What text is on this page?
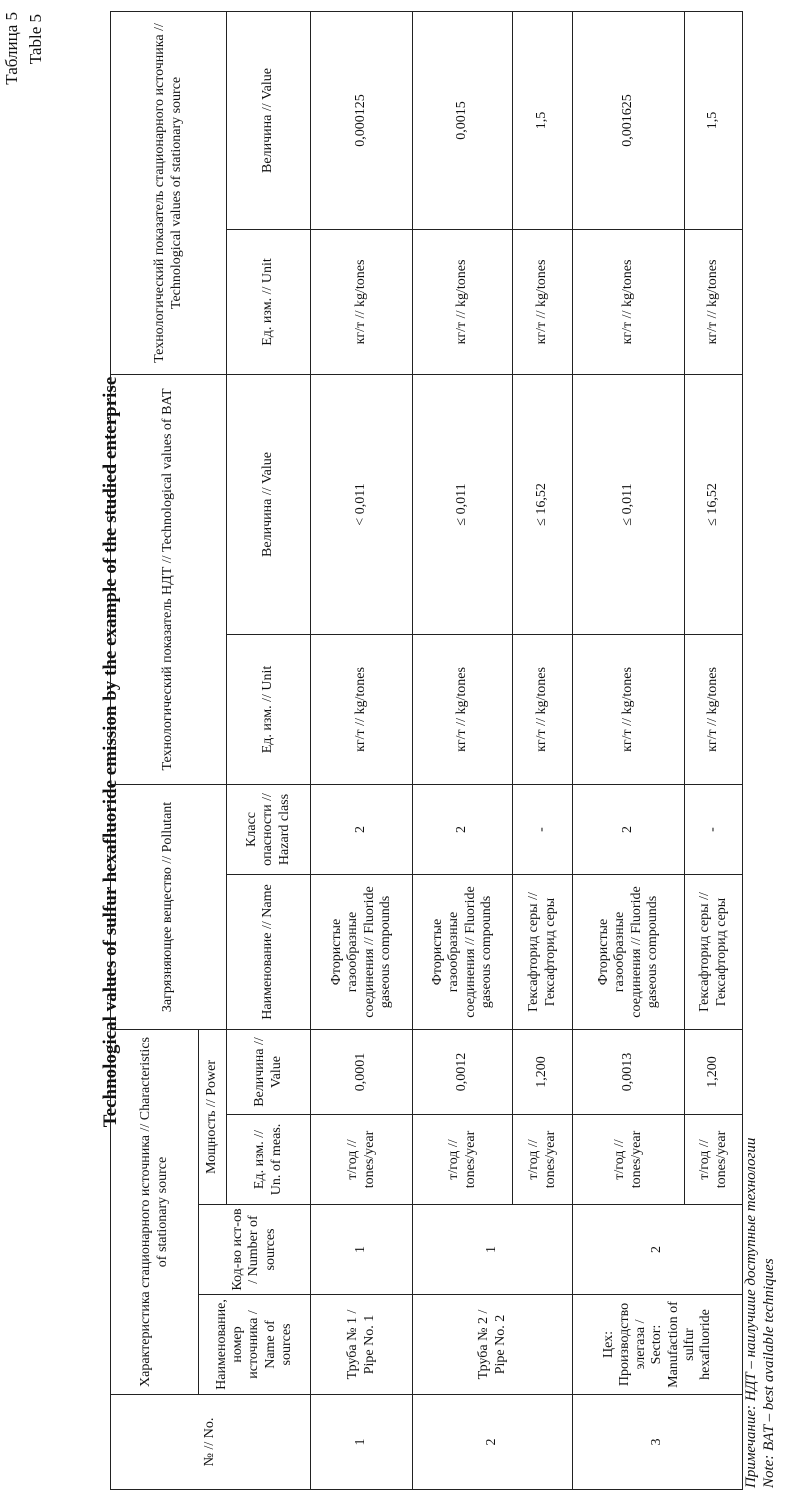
Таблица 5 Table 5
Technological values of sulfur hexafluoride emission by the example of the studied enterprise
№ // No.	Характеристика стационарного источника // Characteristics of stationary source				Загрязняющее вещество // Pollutant		Технологический показатель НДТ // Technological values of BAT		Технологический показатель стационарного источника // Technological values of stationary source	
	Наименование, номер источника / Name of sources	Код-во ист-ов / Number of sources	Мощность // Power							
			Ед. изм. // Un. of meas.	Величина // Value	Наименование // Name	Класс опасности // Hazard class	Ед. изм. // Unit	Величина // Value	Ед. изм. // Unit	Величина // Value
1	Труба № 1 / Pipe No. 1	1	т/год // tones/year	0,0001	Фтористые газообразные соединения // Fluoride gaseous compounds	2	кг/т // kg/tones	< 0,011	кг/т // kg/tones	0,000125
2	Труба № 2 / Pipe No. 2	1	т/год // tones/year	0,0012	Фтористые газообразные соединения // Fluoride gaseous compounds	2	кг/т // kg/tones	≤ 0,011	кг/т // kg/tones	0,0015
			т/год // tones/year	1,200	Гексафторид серы // Гексафторид серы	-	кг/т // kg/tones	≤ 16,52	кг/т // kg/tones	1,5
3	Цех: Производство элегаза / Sector: Manufaction of sulfur hexafluoride	2	т/год // tones/year	0,0013	Фтористые газообразные соединения // Fluoride gaseous compounds	2	кг/т // kg/tones	≤ 0,011	кг/т // kg/tones	0,001625
			т/год // tones/year	1,200	Гексафторид серы // Гексафторид серы	-	кг/т // kg/tones	≤ 16,52	кг/т // kg/tones	1,5
Примечание: НДТ – наилучшие доступные технологии Note: BAT – best available techniques
